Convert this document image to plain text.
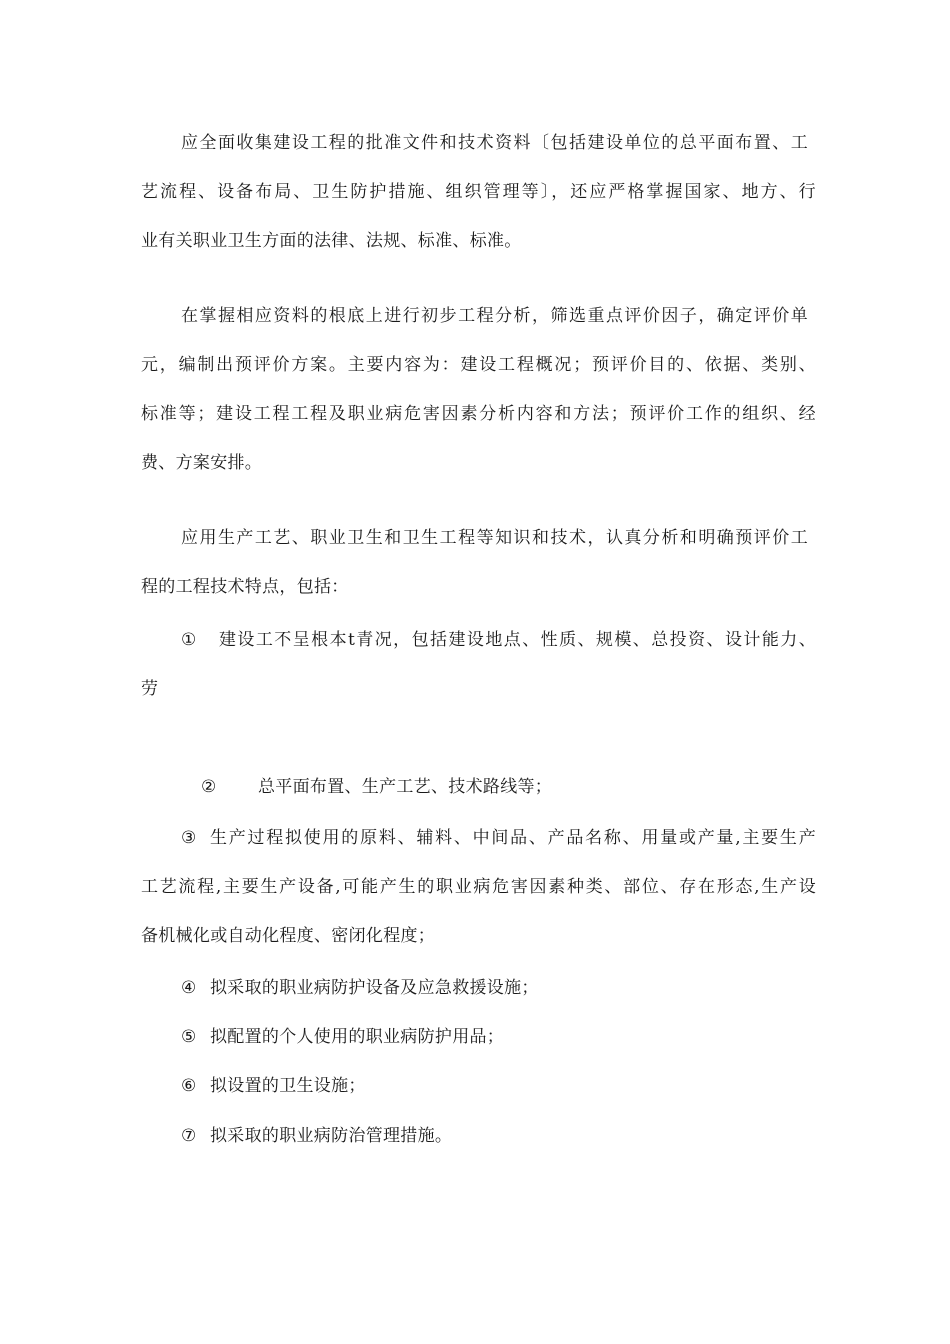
应全面收集建设工程的批准文件和技术资料〔包括建设单位的总平面布置、工
艺流程、设备布局、卫生防护措施、组织管理等〕，还应严格掌握国家、地方、行
业有关职业卫生方面的法律、法规、标准、标准。
在掌握相应资料的根底上进行初步工程分析，筛选重点评价因子，确定评价单
元，编制出预评价方案。主要内容为：建设工程概况；预评价目的、依据、类别、
标准等；建设工程工程及职业病危害因素分析内容和方法；预评价工作的组织、经
费、方案安排。
应用生产工艺、职业卫生和卫生工程等知识和技术，认真分析和明确预评价工
程的工程技术特点，包括：
① 建设工不呈根本t青况，包括建设地点、性质、规模、总投资、设计能力、
劳
② 总平面布置、生产工艺、技术路线等；
③ 生产过程拟使用的原料、辅料、中间品、产品名称、用量或产量,主要生产
工艺流程,主要生产设备,可能产生的职业病危害因素种类、部位、存在形态,生产设
备机械化或自动化程度、密闭化程度；
④ 拟采取的职业病防护设备及应急救援设施；
⑤ 拟配置的个人使用的职业病防护用品；
⑥ 拟设置的卫生设施；
⑦ 拟采取的职业病防治管理措施。
